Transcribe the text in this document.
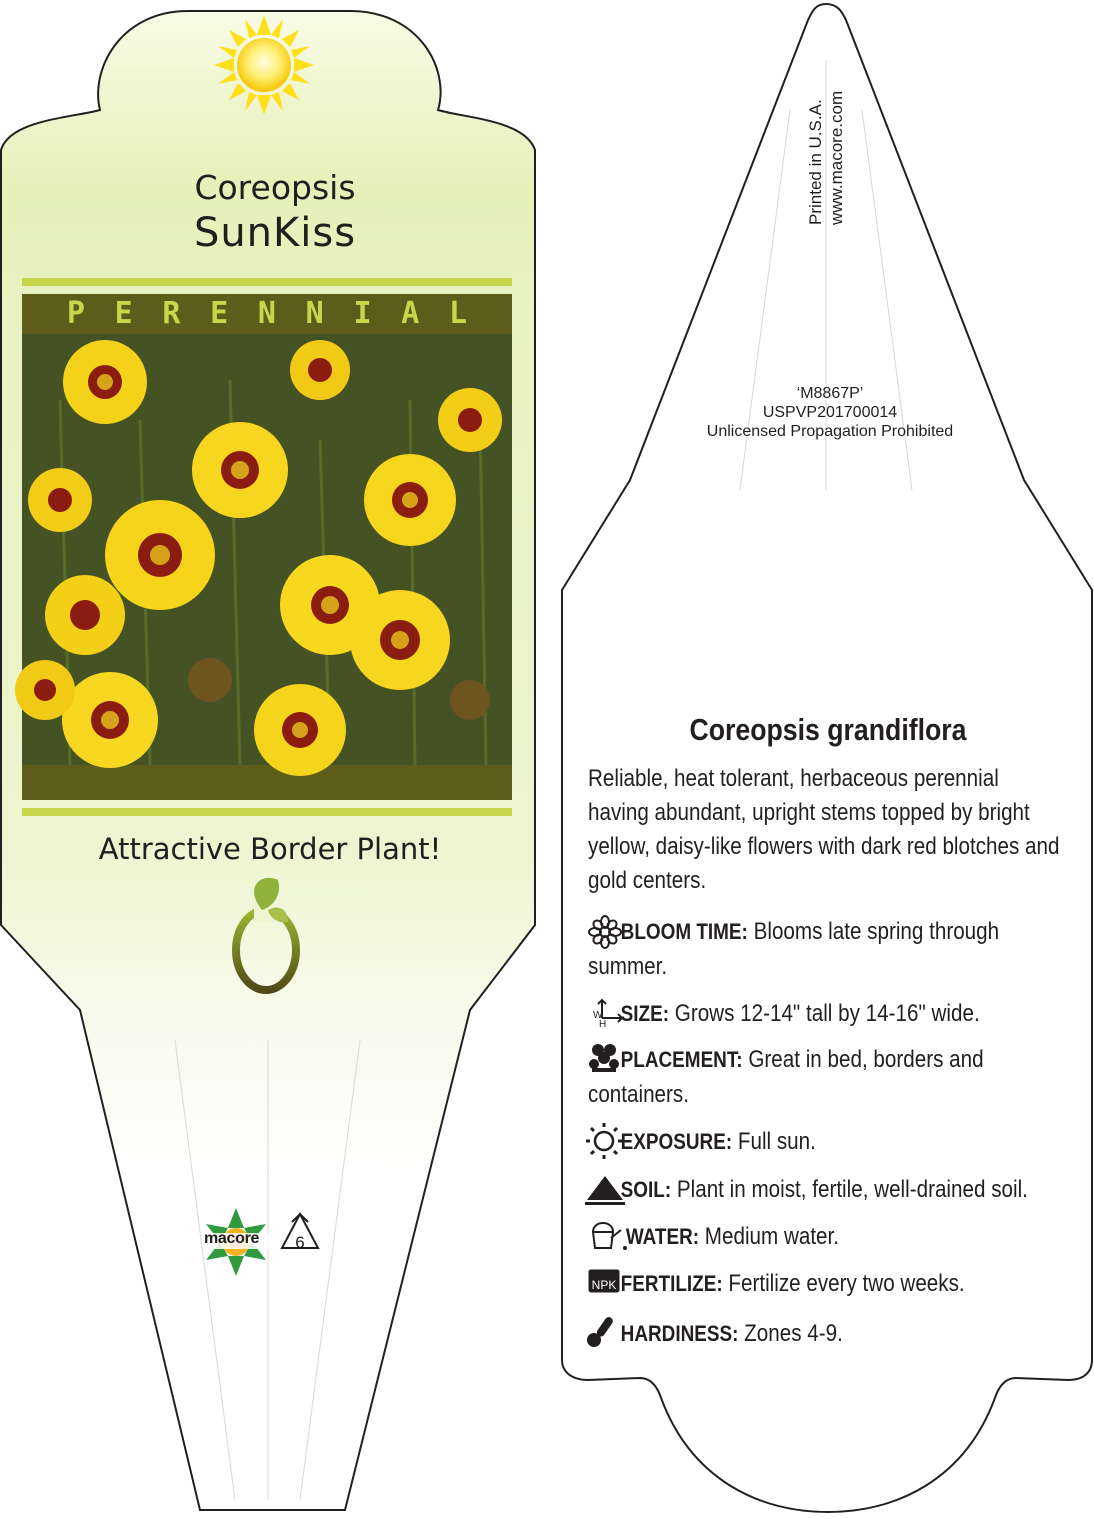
NPK
W
H
Coreopsis
SunKiss
P E R E N N I A L
Attractive Border Plant!
macore	6
Printed in U.S.A. www.macore.com
‘M8867P’
USPVP201700014
Unlicensed Propagation Prohibited
Coreopsis grandiflora
Reliable, heat tolerant, herbaceous perennial having abundant, upright stems topped by bright yellow, daisy-like flowers with dark red blotches and gold centers.
BLOOM TIME: Blooms late spring through summer.
SIZE: Grows 12-14" tall by 14-16" wide.
PLACEMENT: Great in bed, borders and containers.
EXPOSURE: Full sun.
SOIL: Plant in moist, fertile, well-drained soil.
WATER: Medium water.
FERTILIZE: Fertilize every two weeks.
HARDINESS: Zones 4-9.
